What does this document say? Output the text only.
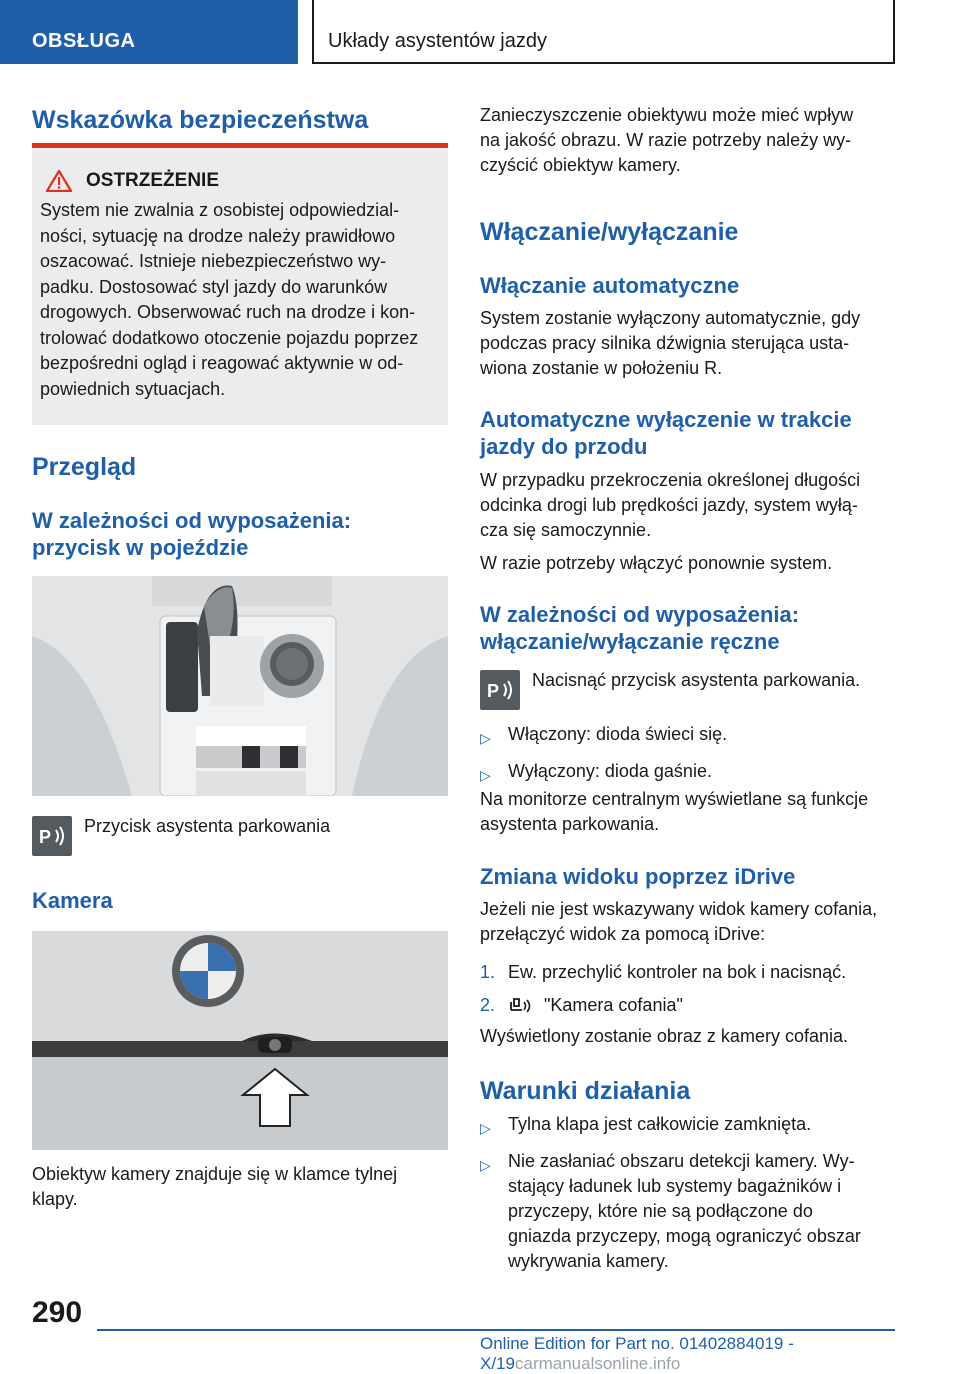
OBSŁUGA	Układy asystentów jazdy
Wskazówka bezpieczeństwa
OSTRZEŻENIE
System nie zwalnia z osobistej odpowiedzial-
ności, sytuację na drodze należy prawidłowo
oszacować. Istnieje niebezpieczeństwo wy-
padku. Dostosować styl jazdy do warunków
drogowych. Obserwować ruch na drodze i kon-
trolować dodatkowo otoczenie pojazdu poprzez
bezpośredni ogląd i reagować aktywnie w od-
powiednich sytuacjach.
Przegląd
W zależności od wyposażenia:
przycisk w pojeździe
P
Przycisk asystenta parkowania
Kamera
Obiektyw kamery znajduje się w klamce tylnej
klapy.
Zanieczyszczenie obiektywu może mieć wpływ
na jakość obrazu. W razie potrzeby należy wy-
czyścić obiektyw kamery.
Włączanie/wyłączanie
Włączanie automatyczne
System zostanie wyłączony automatycznie, gdy
podczas pracy silnika dźwignia sterująca usta-
wiona zostanie w położeniu R.
Automatyczne wyłączenie w trakcie
jazdy do przodu
W przypadku przekroczenia określonej długości
odcinka drogi lub prędkości jazdy, system wyłą-
cza się samoczynnie.
W razie potrzeby włączyć ponownie system.
W zależności od wyposażenia:
włączanie/wyłączanie ręczne
P
Nacisnąć przycisk asystenta parkowania.
▷ Włączony: dioda świeci się.
▷ Wyłączony: dioda gaśnie.
Na monitorze centralnym wyświetlane są funkcje
asystenta parkowania.
Zmiana widoku poprzez iDrive
Jeżeli nie jest wskazywany widok kamery cofania,
przełączyć widok za pomocą iDrive:
1. Ew. przechylić kontroler na bok i nacisnąć.
2.	"Kamera cofania"
Wyświetlony zostanie obraz z kamery cofania.
Warunki działania
▷ Tylna klapa jest całkowicie zamknięta.
▷ Nie zasłaniać obszaru detekcji kamery. Wy-
stający ładunek lub systemy bagażników i
przyczepy, które nie są podłączone do
gniazda przyczepy, mogą ograniczyć obszar
wykrywania kamery.
290
Online Edition for Part no. 01402884019 - X/19carmanualsonline.info
